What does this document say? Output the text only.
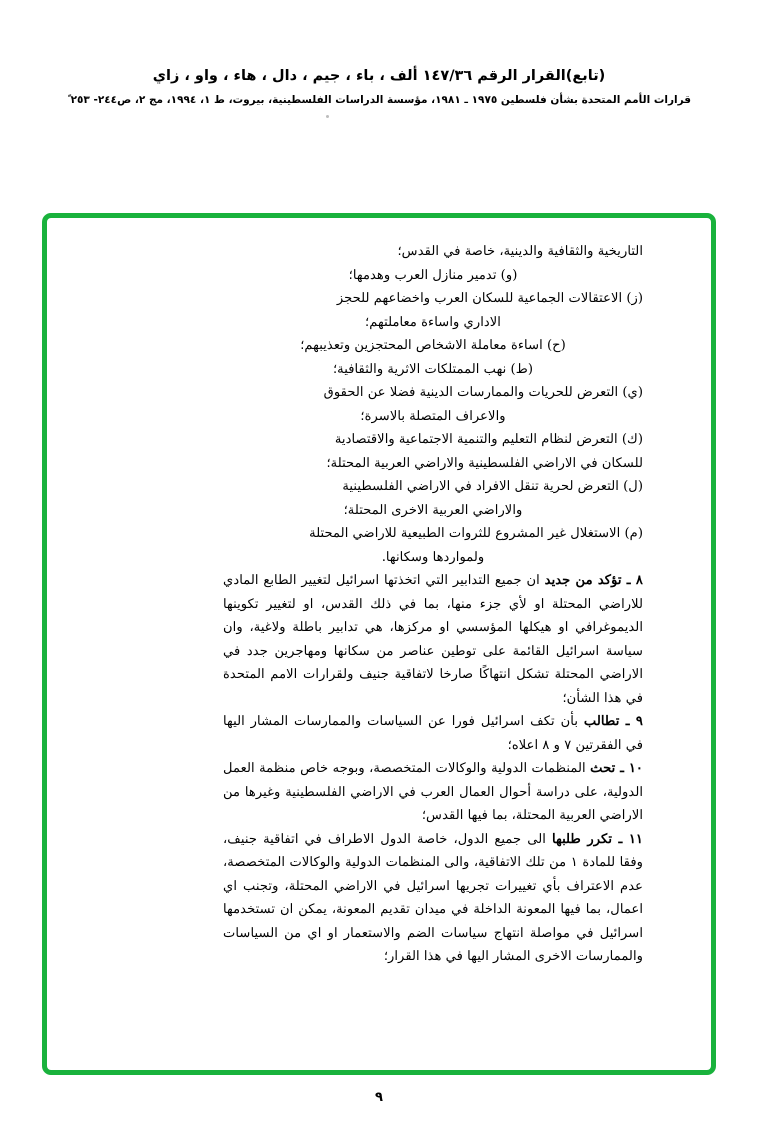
(تابع)القرار الرقم ١٤٧/٣٦ ألف ، باء ، جيم ، دال ، هاء ، واو ، زاي
قرارات الأمم المتحدة بشأن فلسطين ١٩٧٥ ـ ١٩٨١، مؤسسة الدراسات الفلسطينية، بيروت، ط ١، ١٩٩٤، مج ٢، ص٢٤٤- ٢٥٣ ً

التاريخية والثقافية والدينية، خاصة في القدس؛

(و) تدمير منازل العرب وهدمها؛

(ز) الاعتقالات الجماعية للسكان العرب واخضاعهم للحجز

الاداري واساءة معاملتهم؛

(ح) اساءة معاملة الاشخاص المحتجزين وتعذيبهم؛

(ط) نهب الممتلكات الاثرية والثقافية؛

(ي) التعرض للحريات والممارسات الدينية فضلا عن الحقوق

والاعراف المتصلة بالاسرة؛

(ك) التعرض لنظام التعليم والتنمية الاجتماعية والاقتصادية

للسكان في الاراضي الفلسطينية والاراضي العربية المحتلة؛

(ل) التعرض لحرية تنقل الافراد في الاراضي الفلسطينية

والاراضي العربية الاخرى المحتلة؛

(م) الاستغلال غير المشروع للثروات الطبيعية للاراضي المحتلة

ولمواردها وسكانها.

٨ ـ تؤكد من جديد ان جميع التدابير التي اتخذتها اسرائيل لتغيير الطابع المادي للاراضي المحتلة او لأي جزء منها، بما في ذلك القدس، او لتغيير تكوينها الديموغرافي او هيكلها المؤسسي او مركزها، هي تدابير باطلة ولاغية، وان سياسة اسرائيل القائمة على توطين عناصر من سكانها ومهاجرين جدد في الاراضي المحتلة تشكل انتهاكًا صارخا لاتفاقية جنيف ولقرارات الامم المتحدة في هذا الشأن؛

٩ ـ تطالب بأن تكف اسرائيل فورا عن السياسات والممارسات المشار اليها في الفقرتين ٧ و ٨ اعلاه؛

١٠ ـ تحث المنظمات الدولية والوكالات المتخصصة، وبوجه خاص منظمة العمل الدولية، على دراسة أحوال العمال العرب في الاراضي الفلسطينية وغيرها من الاراضي العربية المحتلة، بما فيها القدس؛

١١ ـ تكرر طلبها الى جميع الدول، خاصة الدول الاطراف في اتفاقية جنيف، وفقا للمادة ١ من تلك الاتفاقية، والى المنظمات الدولية والوكالات المتخصصة، عدم الاعتراف بأي تغييرات تجريها اسرائيل في الاراضي المحتلة، وتجنب اي اعمال، بما فيها المعونة الداخلة في ميدان تقديم المعونة، يمكن ان تستخدمها اسرائيل في مواصلة انتهاج سياسات الضم والاستعمار او اي من السياسات والممارسات الاخرى المشار اليها في هذا القرار؛

٩
